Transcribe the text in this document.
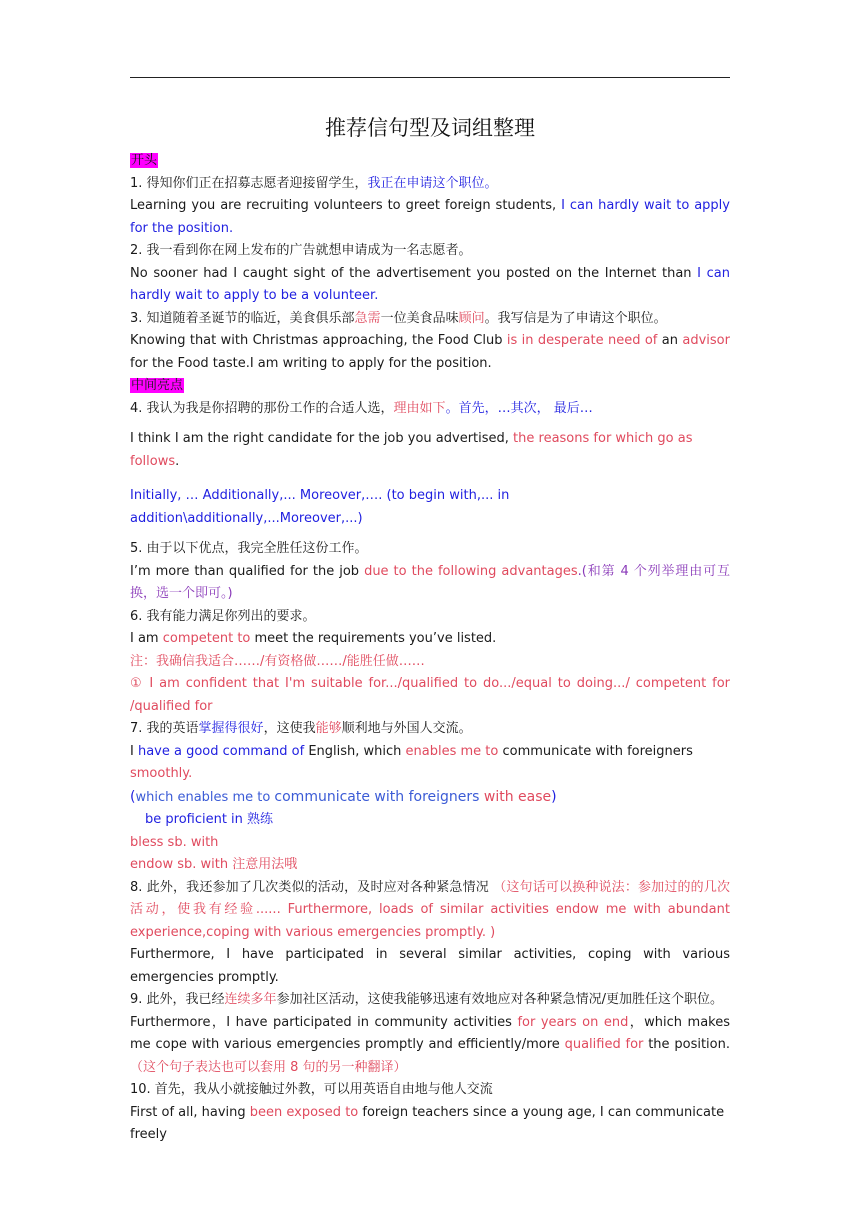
推荐信句型及词组整理

开头

1. 得知你们正在招募志愿者迎接留学生，我正在申请这个职位。

Learning you are recruiting volunteers to greet foreign students, I can hardly wait to apply for the position.

2. 我一看到你在网上发布的广告就想申请成为一名志愿者。

No sooner had I caught sight of the advertisement you posted on the Internet than I can hardly wait to apply to be a volunteer.

3. 知道随着圣诞节的临近，美食俱乐部急需一位美食品味顾问。我写信是为了申请这个职位。

Knowing that with Christmas approaching, the Food Club is in desperate need of an advisor for the Food taste.I am writing to apply for the position.

中间亮点

4. 我认为我是你招聘的那份工作的合适人选，理由如下。首先，…其次， 最后…

I think I am the right candidate for the job you advertised, the reasons for which go as follows.

Initially, … Additionally,... Moreover,…. (to begin with,... in addition\additionally,...Moreover,...)

5. 由于以下优点，我完全胜任这份工作。

I’m more than qualified for the job due to the following advantages.(和第 4 个列举理由可互换，选一个即可。)

6. 我有能力满足你列出的要求。

I am competent to meet the requirements you’ve listed.

注：我确信我适合……/有资格做……/能胜任做……

① I am confident that I'm suitable for.../qualified to do.../equal to doing.../ competent for /qualified for

7. 我的英语掌握得很好，这使我能够顺利地与外国人交流。

I have a good command of English, which enables me to communicate with foreigners smoothly.

(which enables me to communicate with foreigners with ease)

be proficient in 熟练

bless sb. with

endow sb. with 注意用法哦

8. 此外，我还参加了几次类似的活动，及时应对各种紧急情况 （这句话可以换种说法：参加过的的几次活动，使我有经验...... Furthermore, loads of similar activities endow me with abundant experience,coping with various emergencies promptly. )

Furthermore, I have participated in several similar activities, coping with various emergencies promptly.

9. 此外，我已经连续多年参加社区活动，这使我能够迅速有效地应对各种紧急情况/更加胜任这个职位。

Furthermore，I have participated in community activities for years on end，which makes me cope with various emergencies promptly and efficiently/more qualified for the position. （这个句子表达也可以套用 8 句的另一种翻译）

10. 首先，我从小就接触过外教，可以用英语自由地与他人交流

First of all, having been exposed to foreign teachers since a young age, I can communicate freely
